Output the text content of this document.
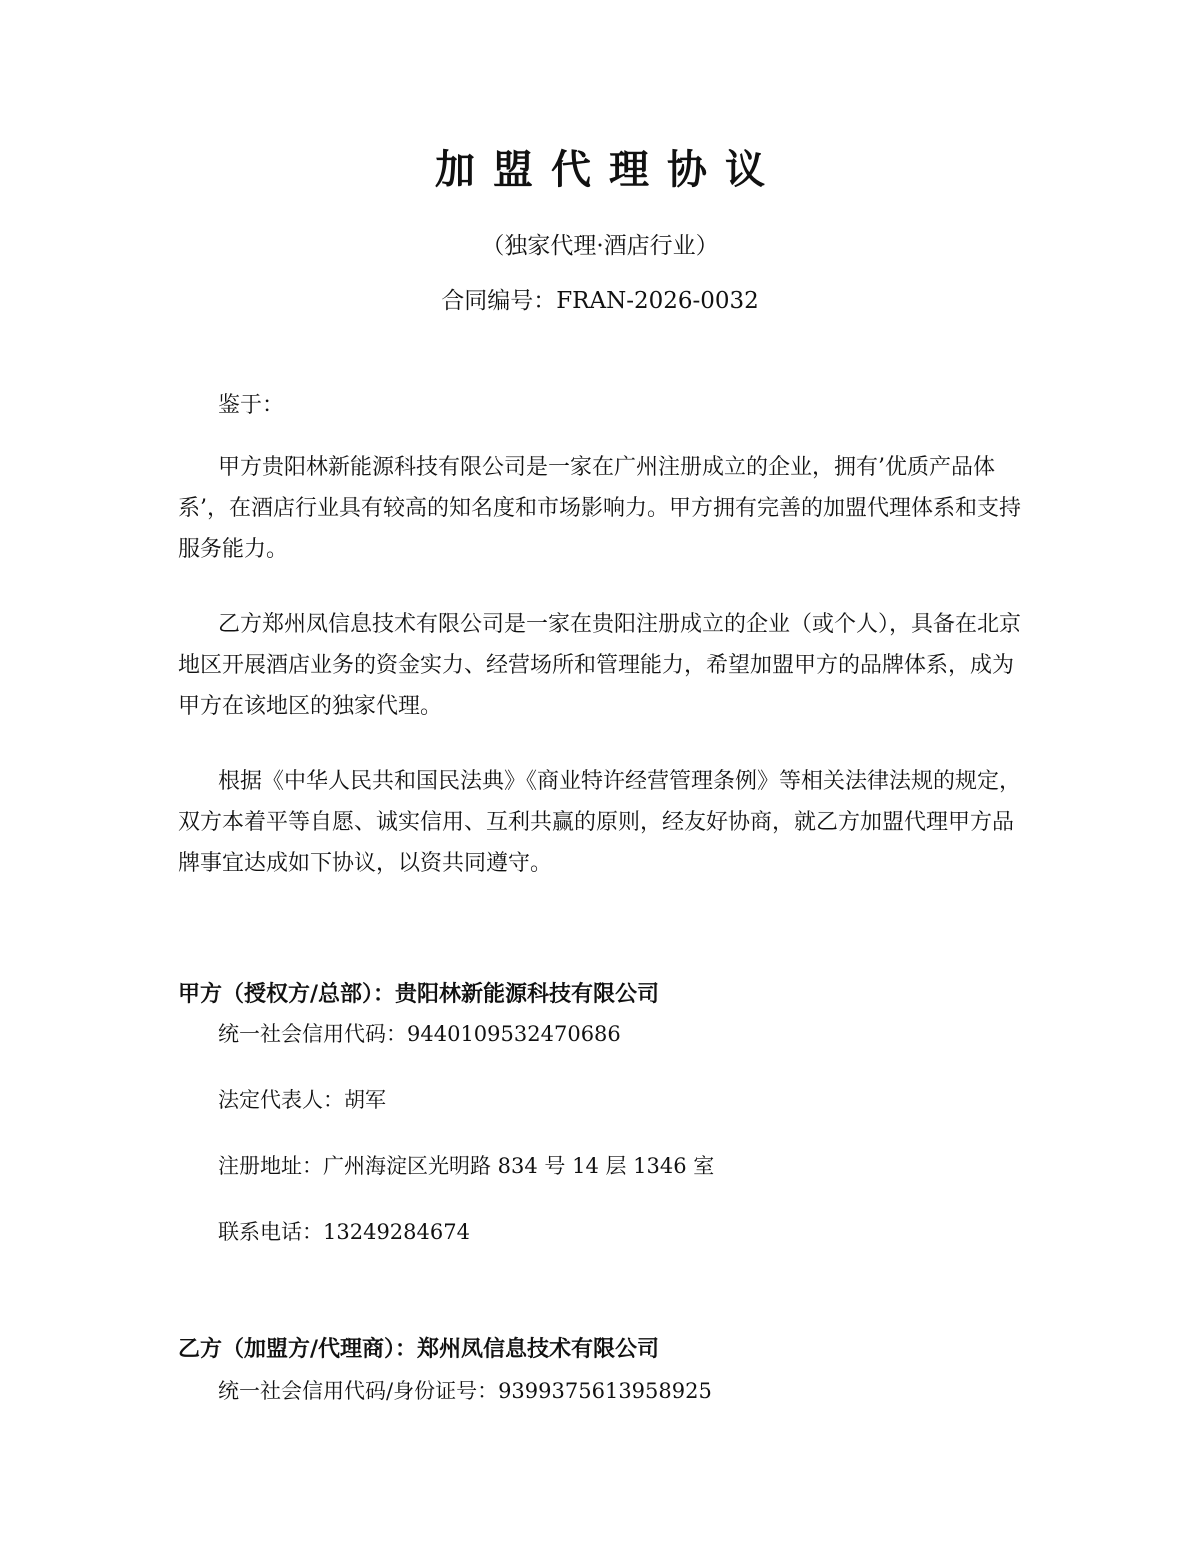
加盟代理协议
（独家代理·酒店行业）
合同编号：FRAN-2026-0032
鉴于：
甲方贵阳林新能源科技有限公司是一家在广州注册成立的企业，拥有’优质产品体系’，在酒店行业具有较高的知名度和市场影响力。甲方拥有完善的加盟代理体系和支持服务能力。
乙方郑州凤信息技术有限公司是一家在贵阳注册成立的企业（或个人），具备在北京地区开展酒店业务的资金实力、经营场所和管理能力，希望加盟甲方的品牌体系，成为甲方在该地区的独家代理。
根据《中华人民共和国民法典》《商业特许经营管理条例》等相关法律法规的规定，双方本着平等自愿、诚实信用、互利共赢的原则，经友好协商，就乙方加盟代理甲方品牌事宜达成如下协议，以资共同遵守。
甲方（授权方/总部）：贵阳林新能源科技有限公司
统一社会信用代码：9440109532470686
法定代表人：胡军
注册地址：广州海淀区光明路 834 号 14 层 1346 室
联系电话：13249284674
乙方（加盟方/代理商）：郑州凤信息技术有限公司
统一社会信用代码/身份证号：9399375613958925
